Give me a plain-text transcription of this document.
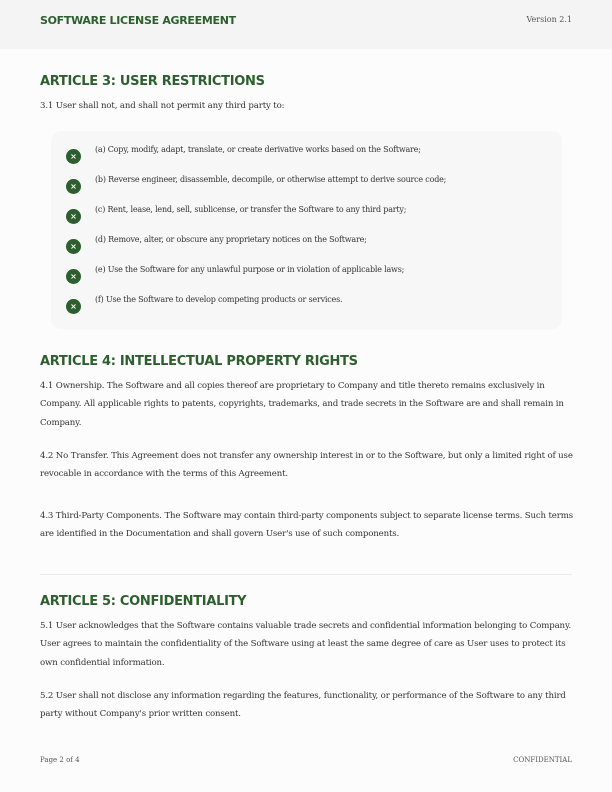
SOFTWARE LICENSE AGREEMENT	Version 2.1
ARTICLE 3: USER RESTRICTIONS
3.1 User shall not, and shall not permit any third party to:
×
(a) Copy, modify, adapt, translate, or create derivative works based on the Software;
×
(b) Reverse engineer, disassemble, decompile, or otherwise attempt to derive source code;
×
(c) Rent, lease, lend, sell, sublicense, or transfer the Software to any third party;
×
(d) Remove, alter, or obscure any proprietary notices on the Software;
×
(e) Use the Software for any unlawful purpose or in violation of applicable laws;
×
(f) Use the Software to develop competing products or services.
ARTICLE 4: INTELLECTUAL PROPERTY RIGHTS
4.1 Ownership. The Software and all copies thereof are proprietary to Company and title thereto remains exclusively in Company. All applicable rights to patents, copyrights, trademarks, and trade secrets in the Software are and shall remain in Company.
4.2 No Transfer. This Agreement does not transfer any ownership interest in or to the Software, but only a limited right of use revocable in accordance with the terms of this Agreement.
4.3 Third-Party Components. The Software may contain third-party components subject to separate license terms. Such terms are identified in the Documentation and shall govern User's use of such components.
ARTICLE 5: CONFIDENTIALITY
5.1 User acknowledges that the Software contains valuable trade secrets and confidential information belonging to Company. User agrees to maintain the confidentiality of the Software using at least the same degree of care as User uses to protect its own confidential information.
5.2 User shall not disclose any information regarding the features, functionality, or performance of the Software to any third party without Company's prior written consent.
Page 2 of 4	CONFIDENTIAL
